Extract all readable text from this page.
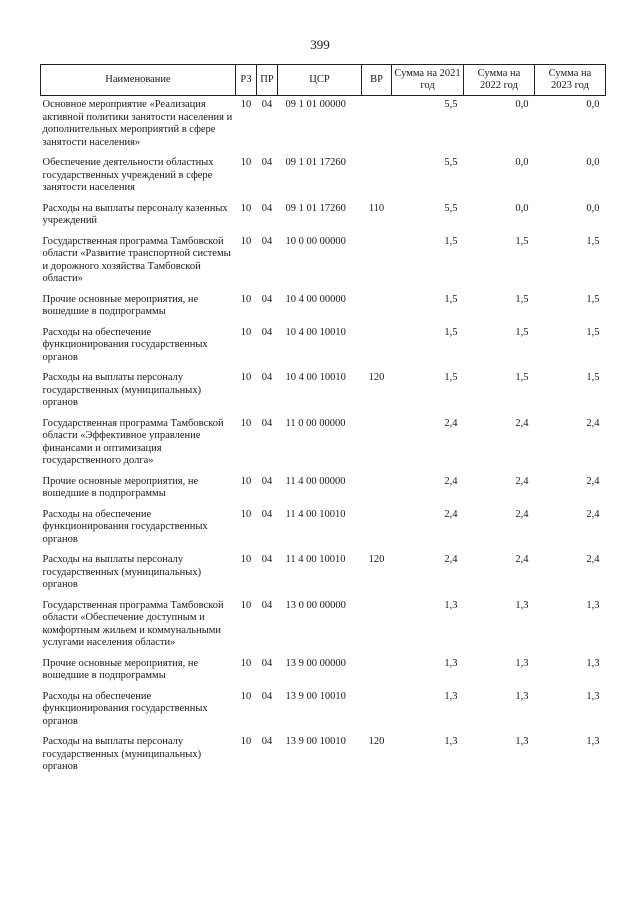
399
Наименование	РЗ	ПР	ЦСР	ВР	Сумма на 2021 год	Сумма на 2022 год	Сумма на 2023 год
Основное мероприятие «Реализация активной политики занятости населения и дополнительных мероприятий в сфере занятости населения»	10	04	09 1 01 00000		5,5	0,0	0,0
Обеспечение деятельности областных государственных учреждений в сфере занятости населения	10	04	09 1 01 17260		5,5	0,0	0,0
Расходы на выплаты персоналу казенных учреждений	10	04	09 1 01 17260	110	5,5	0,0	0,0
Государственная программа Тамбовской области «Развитие транспортной системы и дорожного хозяйства Тамбовской области»	10	04	10 0 00 00000		1,5	1,5	1,5
Прочие основные мероприятия, не вошедшие в подпрограммы	10	04	10 4 00 00000		1,5	1,5	1,5
Расходы на обеспечение функционирования государственных органов	10	04	10 4 00 10010		1,5	1,5	1,5
Расходы на выплаты персоналу государственных (муниципальных) органов	10	04	10 4 00 10010	120	1,5	1,5	1,5
Государственная программа Тамбовской области «Эффективное управление финансами и оптимизация государственного долга»	10	04	11 0 00 00000		2,4	2,4	2,4
Прочие основные мероприятия, не вошедшие в подпрограммы	10	04	11 4 00 00000		2,4	2,4	2,4
Расходы на обеспечение функционирования государственных органов	10	04	11 4 00 10010		2,4	2,4	2,4
Расходы на выплаты персоналу государственных (муниципальных) органов	10	04	11 4 00 10010	120	2,4	2,4	2,4
Государственная программа Тамбовской области «Обеспечение доступным и комфортным жильем и коммунальными услугами населения области»	10	04	13 0 00 00000		1,3	1,3	1,3
Прочие основные мероприятия, не вошедшие в подпрограммы	10	04	13 9 00 00000		1,3	1,3	1,3
Расходы на обеспечение функционирования государственных органов	10	04	13 9 00 10010		1,3	1,3	1,3
Расходы на выплаты персоналу государственных (муниципальных) органов	10	04	13 9 00 10010	120	1,3	1,3	1,3
